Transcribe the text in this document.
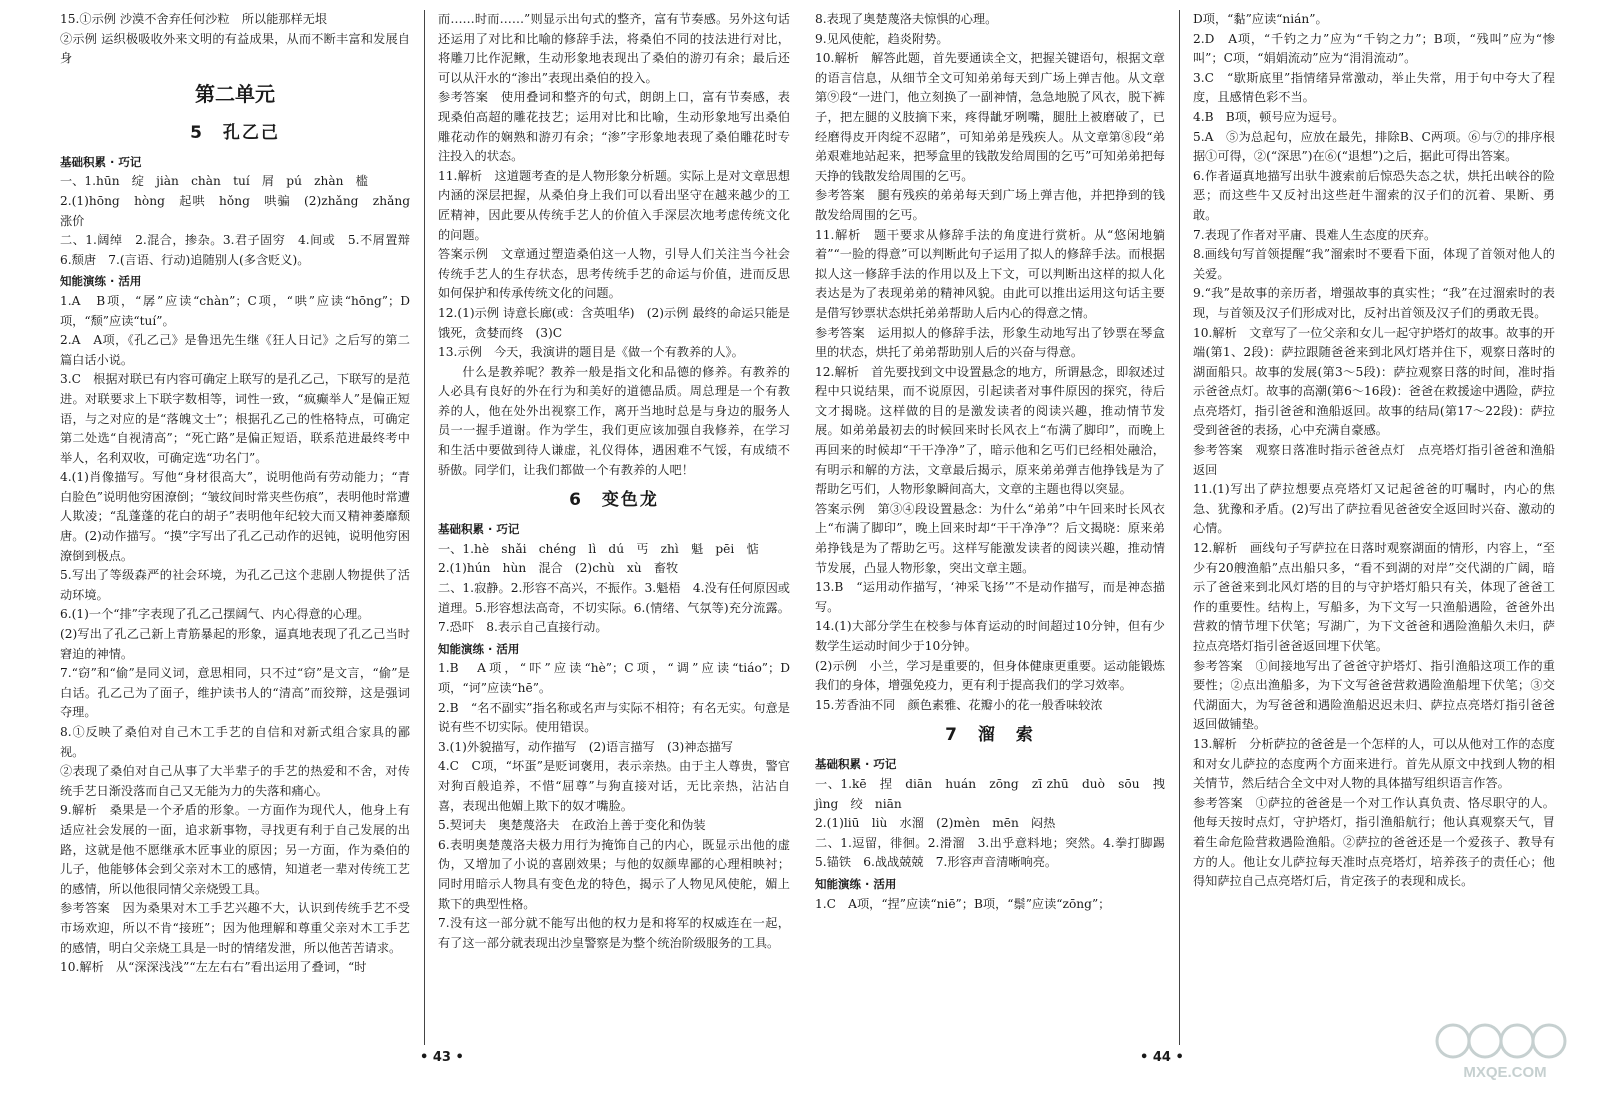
15.①示例 沙漠不舍弃任何沙粒　所以能那样无垠

②示例 运织极吸收外来文明的有益成果，从而不断丰富和发展自身

第二单元
5　孔乙己
基础积累 · 巧记

一、1.hūn　绽　jiàn　chàn　tuí　屑　pú　zhàn　槛

2.(1)hōng　hòng　起哄　hǒng　哄骗　(2)zhǎng　zhǎng　涨价

二、1.阔绰　2.混合，掺杂。3.君子固穷　4.间或　5.不屑置辩　6.颓唐　7.(言语、行动)追随别人(多含贬义)。

知能演练 · 活用

1.A　B项，“孱”应读“chàn”；C项，“哄”应读“hōng”；D项，“颓”应读“tuí”。

2.A　A项，《孔乙己》是鲁迅先生继《狂人日记》之后写的第二篇白话小说。

3.C　根据对联已有内容可确定上联写的是孔乙己，下联写的是范进。对联要求上下联字数相等，词性一致，“疯癫举人”是偏正短语，与之对应的是“落魄文士”；根据孔乙己的性格特点，可确定第二处选“自视清高”；“死亡路”是偏正短语，联系范进最终考中举人，名利双收，可确定选“功名门”。

4.(1)肖像描写。写他“身材很高大”，说明他尚有劳动能力；“青白脸色”说明他穷困潦倒；“皱纹间时常夹些伤痕”，表明他时常遭人欺凌；“乱蓬蓬的花白的胡子”表明他年纪较大而又精神萎靡颓唐。(2)动作描写。“摸”字写出了孔乙己动作的迟钝，说明他穷困潦倒到极点。

5.写出了等级森严的社会环境，为孔乙己这个悲剧人物提供了活动环境。

6.(1)一个“排”字表现了孔乙己摆阔气、内心得意的心理。

(2)写出了孔乙己新上青筋暴起的形象，逼真地表现了孔乙己当时窘迫的神情。

7.“窃”和“偷”是同义词，意思相同，只不过“窃”是文言，“偷”是白话。孔乙己为了面子，维护读书人的“清高”而狡辩，这是强词夺理。

8.①反映了桑伯对自己木工手艺的自信和对新式组合家具的鄙视。

②表现了桑伯对自己从事了大半辈子的手艺的热爱和不舍，对传统手艺日渐没落而自己又无能为力的失落和痛心。

9.解析　桑果是一个矛盾的形象。一方面作为现代人，他身上有适应社会发展的一面，追求新事物，寻找更有利于自己发展的出路，这就是他不愿继承木匠事业的原因；另一方面，作为桑伯的儿子，他能够体会到父亲对木工的感情，知道老一辈对传统工艺的感情，所以他很同情父亲烧毁工具。

参考答案　因为桑果对木工手艺兴趣不大，认识到传统手艺不受市场欢迎，所以不肯“接班”；因为他理解和尊重父亲对木工手艺的感情，明白父亲烧工具是一时的情绪发泄，所以他苦苦请求。

10.解析　从“深深浅浅”“左左右右”看出运用了叠词，“时

而……时而……”则显示出句式的整齐，富有节奏感。另外这句话还运用了对比和比喻的修辞手法，将桑伯不同的技法进行对比，将雕刀比作泥鳅，生动形象地表现出了桑伯的游刃有余；最后还可以从汗水的“渗出”表现出桑伯的投入。

参考答案　使用叠词和整齐的句式，朗朗上口，富有节奏感，表现桑伯高超的雕花技艺；运用对比和比喻，生动形象地写出桑伯雕花动作的娴熟和游刃有余；“渗”字形象地表现了桑伯雕花时专注投入的状态。

11.解析　这道题考查的是人物形象分析题。实际上是对文章思想内涵的深层把握，从桑伯身上我们可以看出坚守在越来越少的工匠精神，因此要从传统手艺人的价值入手深层次地考虑传统文化的问题。

答案示例　文章通过塑造桑伯这一人物，引导人们关注当今社会传统手艺人的生存状态，思考传统手艺的命运与价值，进而反思如何保护和传承传统文化的问题。

12.(1)示例 诗意长廊(或：含英咀华)　(2)示例 最终的命运只能是饿死，贪婪而终　(3)C

13.示例　今天，我演讲的题目是《做一个有教养的人》。

什么是教养呢？教养一般是指文化和品德的修养。有教养的人必具有良好的外在行为和美好的道德品质。周总理是一个有教养的人，他在处外出视察工作，离开当地时总是与身边的服务人员一一握手道谢。作为学生，我们更应该加强自我修养，在学习和生活中要做到待人谦虚，礼仪得体，遇困难不气馁，有成绩不骄傲。同学们，让我们都做一个有教养的人吧！

6　变色龙
基础积累 · 巧记

一、1.hè　shǎi　chéng　lì　dú　丐　zhì　魁　pēi　惦

2.(1)hún　hùn　混合　(2)chù　xù　畜牧

二、1.寂静。2.形容不高兴，不振作。3.魁梧　4.没有任何原因或道理。5.形容想法高奇，不切实际。6.(情绪、气氛等)充分流露。7.恐吓　8.表示自己直接行动。

知能演练 · 活用

1.B　A项，“吓”应读“hè”；C项，“调”应读“tiáo”；D项，“诃”应读“hē”。

2.B　“名不副实”指名称或名声与实际不相符；有名无实。句意是说有些不切实际。使用错误。

3.(1)外貌描写，动作描写　(2)语言描写　(3)神态描写

4.C　C项，“坏蛋”是贬词褒用，表示亲热。由于主人尊贵，警官对狗百般追养，不惜“屈尊”与狗直接对话，无比亲热，沾沾自喜，表现出他媚上欺下的奴才嘴脸。

5.契诃夫　奥楚蔑洛夫　在政治上善于变化和伪装

6.表明奥楚蔑洛夫极力用行为掩饰自己的内心，既显示出他的虚伪，又增加了小说的喜剧效果；与他的奴颜卑鄙的心理相映衬；同时用暗示人物具有变色龙的特色，揭示了人物见风使舵，媚上欺下的典型性格。

7.没有这一部分就不能写出他的权力是和将军的权威连在一起，有了这一部分就表现出沙皇警察是为整个统治阶级服务的工具。

• 43 •

8.表现了奥楚蔑洛夫惊惧的心理。

9.见风使舵，趋炎附势。

10.解析　解答此题，首先要通读全文，把握关键语句，根据文章的语言信息，从细节全文可知弟弟每天到广场上弹吉他。从文章第⑨段“一进门，他立刻换了一副神情，急急地脱了风衣，脱下裤子，把左腿的义肢摘下来，疼得龇牙咧嘴，腿肚上被磨破了，已经磨得皮开肉绽不忍睹”，可知弟弟是残疾人。从文章第⑧段“弟弟艰难地站起来，把琴盒里的钱散发给周围的乞丐”可知弟弟把每天挣的钱散发给周围的乞丐。

参考答案　腿有残疾的弟弟每天到广场上弹吉他，并把挣到的钱散发给周围的乞丐。

11.解析　题干要求从修辞手法的角度进行赏析。从“悠闲地躺着”“一脸的得意”可以判断此句子运用了拟人的修辞手法。而根据拟人这一修辞手法的作用以及上下文，可以判断出这样的拟人化表达是为了表现弟弟的精神风貌。由此可以推出运用这句话主要是借写钞票状态烘托弟弟帮助人后内心的得意之情。

参考答案　运用拟人的修辞手法，形象生动地写出了钞票在琴盒里的状态，烘托了弟弟帮助别人后的兴奋与得意。

12.解析　首先要找到文中设置悬念的地方，所谓悬念，即叙述过程中只说结果，而不说原因，引起读者对事件原因的探究，待后文才揭晓。这样做的目的是激发读者的阅读兴趣，推动情节发展。如弟弟最初去的时候回来时长风衣上“布满了脚印”，而晚上再回来的时候却“干干净净”了，暗示他和乞丐们已经相处融洽，有明示和解的方法，文章最后揭示，原来弟弟弹吉他挣钱是为了帮助乞丐们，人物形象瞬间高大，文章的主题也得以突显。

答案示例　第③④段设置悬念：为什么“弟弟”中午回来时长风衣上“布满了脚印”，晚上回来时却“干干净净”？后文揭晓：原来弟弟挣钱是为了帮助乞丐。这样写能激发读者的阅读兴趣，推动情节发展，凸显人物形象，突出文章主题。

13.B　“运用动作描写，‘神采飞扬’”不是动作描写，而是神态描写。

14.(1)大部分学生在校参与体育运动的时间超过10分钟，但有少数学生运动时间少于10分钟。

(2)示例　小兰，学习是重要的，但身体健康更重要。运动能锻炼我们的身体，增强免疫力，更有利于提高我们的学习效率。

15.芳香油不同　颜色素雅、花瓣小的花一般香味较浓

7　溜　索
基础积累 · 巧记

一、1.kē　捏　diān　huán　zōng　zī zhū　duò　sōu　拽　jìng　绞　niān

2.(1)liū　liù　水溜　(2)mèn　mēn　闷热

二、1.逗留，徘徊。2.滑溜　3.出乎意料地；突然。4.拳打脚踢　5.锚铁　6.战战兢兢　7.形容声音清晰响亮。

知能演练 · 活用

1.C　A项，“捏”应读“niē”；B项，“鬃”应读“zōng”；

D项，“黏”应读“nián”。

2.D　A项，“千钓之力”应为“千钧之力”；B项，“残叫”应为“惨叫”；C项，“娟娟流动”应为“涓涓流动”。

3.C　“歇斯底里”指情绪异常激动，举止失常，用于句中夸大了程度，且感情色彩不当。

4.B　B项，顿号应为逗号。

5.A　⑤为总起句，应放在最先，排除B、C两项。⑥与⑦的排序根据①可得，②(“深思”)在⑥(“退想”)之后，据此可得出答案。

6.作者逼真地描写出驮牛渡索前后惊恐失态之状，烘托出峡谷的险恶；而这些牛又反衬出这些赶牛溜索的汉子们的沉着、果断、勇敢。

7.表现了作者对平庸、畏难人生态度的厌弃。

8.画线句写首领提醒“我”溜索时不要看下面，体现了首领对他人的关爱。

9.“我”是故事的亲历者，增强故事的真实性；“我”在过溜索时的表现，与首领及汉子们形成对比，反衬出首领及汉子们的勇敢无畏。

10.解析　文章写了一位父亲和女儿一起守护塔灯的故事。故事的开端(第1、2段)：萨拉跟随爸爸来到北风灯塔并住下，观察日落时的湖面船只。故事的发展(第3～5段)：萨拉观察日落的时间，准时指示爸爸点灯。故事的高潮(第6～16段)：爸爸在救援途中遇险，萨拉点亮塔灯，指引爸爸和渔船返回。故事的结局(第17～22段)：萨拉受到爸爸的表扬，心中充满自豪感。

参考答案　观察日落准时指示爸爸点灯　点亮塔灯指引爸爸和渔船返回

11.(1)写出了萨拉想要点亮塔灯又记起爸爸的叮嘱时，内心的焦急、犹豫和矛盾。(2)写出了萨拉看见爸爸安全返回时兴奋、激动的心情。

12.解析　画线句子写萨拉在日落时观察湖面的情形，内容上，“至少有20艘渔船”点出船只多，“看不到湖的对岸”交代湖的广阔，暗示了爸爸来到北风灯塔的目的与守护塔灯船只有关，体现了爸爸工作的重要性。结构上，写船多，为下文写一只渔船遇险，爸爸外出营救的情节埋下伏笔；写湖广，为下文爸爸和遇险渔船久未归，萨拉点亮塔灯指引爸爸返回埋下伏笔。

参考答案　①间接地写出了爸爸守护塔灯、指引渔船这项工作的重要性；②点出渔船多，为下文写爸爸营救遇险渔船埋下伏笔；③交代湖面大，为写爸爸和遇险渔船迟迟未归、萨拉点亮塔灯指引爸爸返回做铺垫。

13.解析　分析萨拉的爸爸是一个怎样的人，可以从他对工作的态度和对女儿萨拉的态度两个方面来进行。首先从原文中找到人物的相关情节，然后结合全文中对人物的具体描写组织语言作答。

参考答案　①萨拉的爸爸是一个对工作认真负责、恪尽职守的人。他每天按时点灯，守护塔灯，指引渔船航行；他认真观察天气，冒着生命危险营救遇险渔船。②萨拉的爸爸还是一个爱孩子、教导有方的人。他让女儿萨拉每天准时点亮塔灯，培养孩子的责任心；他得知萨拉自己点亮塔灯后，肯定孩子的表现和成长。

• 44 •
MXQE.COM
